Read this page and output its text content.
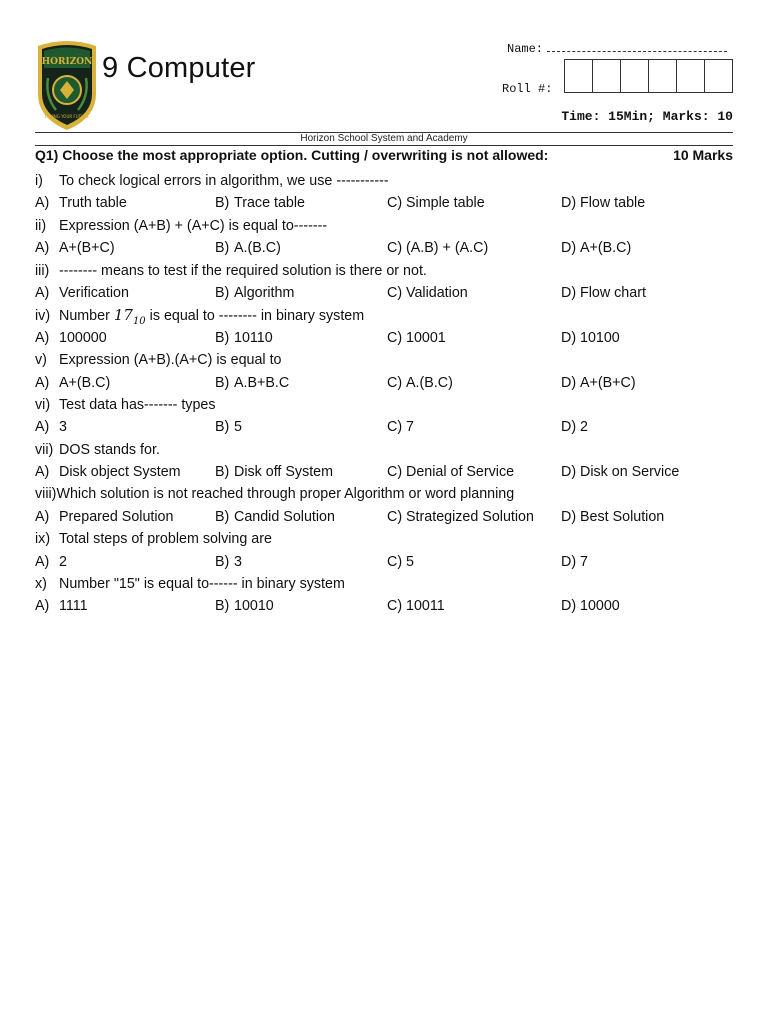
HORIZON
LOVING YOUR FUTURE
9 Computer
Name:
Roll #:
Time: 15Min; Marks: 10
Horizon School System and Academy
Q1) Choose the most appropriate option. Cutting / overwriting is not allowed:	10 Marks
i) To check logical errors in algorithm, we use -----------
A) Truth table	B) Trace table	C) Simple table	D) Flow table
ii) Expression (A+B) + (A+C) is equal to-------
A) A+(B+C)	B) A.(B.C)	C) (A.B) + (A.C)	D) A+(B.C)
iii) -------- means to test if the required solution is there or not.
A) Verification	B) Algorithm	C) Validation	D) Flow chart
iv) Number $17_{10}$ is equal to -------- in binary system
A) 100000	B) 10110	C) 10001	D) 10100
v) Expression (A+B).(A+C) is equal to
A) A+(B.C)	B) A.B+B.C	C) A.(B.C)	D) A+(B+C)
vi) Test data has------- types
A) 3	B) 5	C) 7	D) 2
vii) DOS stands for.
A) Disk object System B) Disk off System	C) Denial of Service	D) Disk on Service
viii)Which solution is not reached through proper Algorithm or word planning
A) Prepared Solution	B) Candid Solution	C) Strategized Solution D) Best Solution
ix) Total steps of problem solving are
A) 2	B) 3	C) 5	D) 7
x) Number "15" is equal to------ in binary system
A) 1111	B) 10010	C) 10011	D) 10000
